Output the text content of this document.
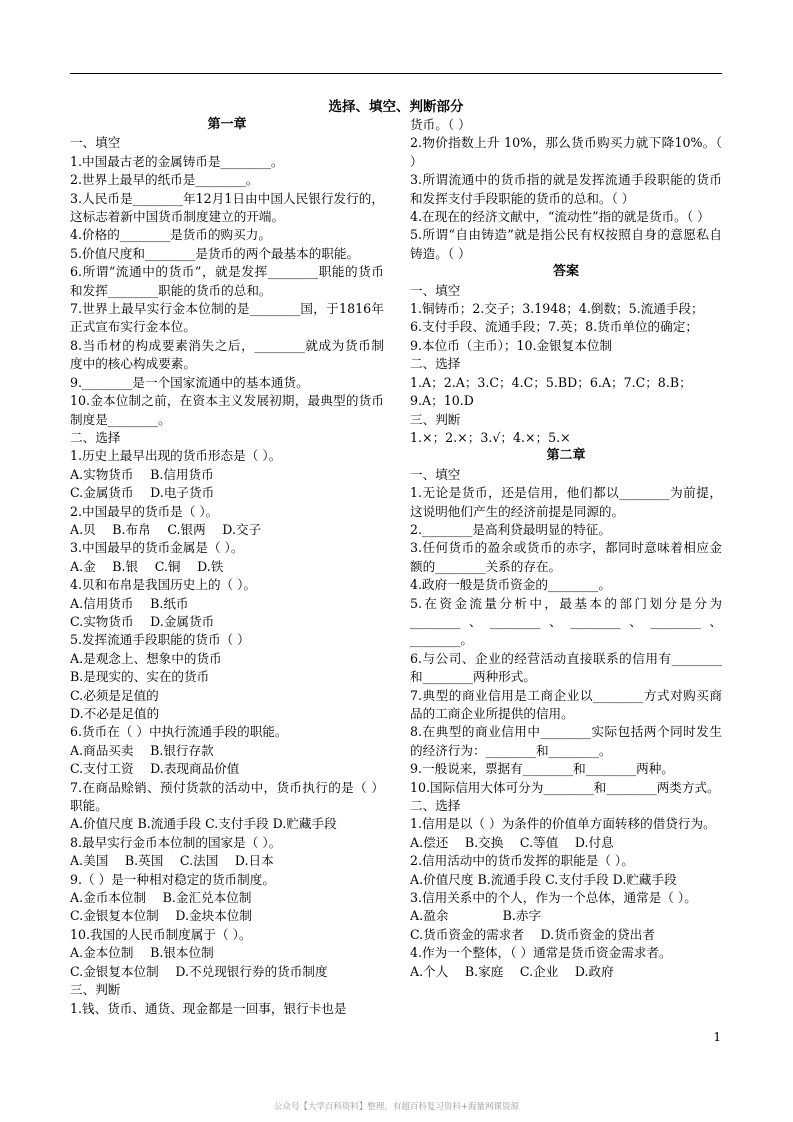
选择、填空、判断部分

第一章

一、填空

1.中国最古老的金属铸币是________。

2.世界上最早的纸币是________。

3.人民币是________年12月1日由中国人民银行发行的，这标志着新中国货币制度建立的开端。

4.价格的________是货币的购买力。

5.价值尺度和________是货币的两个最基本的职能。

6.所谓“流通中的货币”，就是发挥________职能的货币和发挥________职能的货币的总和。

7.世界上最早实行金本位制的是________国，于1816年正式宣布实行金本位。

8.当币材的构成要素消失之后，________就成为货币制度中的核心构成要素。

9.________是一个国家流通中的基本通货。

10.金本位制之前，在资本主义发展初期，最典型的货币制度是________。

二、选择

1.历史上最早出现的货币形态是（ ）。

A.实物货币　 B.信用货币

C.金属货币　 D.电子货币

2.中国最早的货币是（ ）。

A.贝　 B.布帛　 C.银两　 D.交子

3.中国最早的货币金属是（ ）。

A.金　 B.银　 C.铜　 D.铁

4.贝和布帛是我国历史上的（ ）。

A.信用货币　 B.纸币

C.实物货币　 D.金属货币

5.发挥流通手段职能的货币（ ）

A.是观念上、想象中的货币

B.是现实的、实在的货币

C.必须是足值的

D.不必是足值的

6.货币在（ ）中执行流通手段的职能。

A.商品买卖　 B.银行存款

C.支付工资　 D.表现商品价值

7.在商品赊销、预付货款的活动中，货币执行的是（ ）职能。

A.价值尺度 B.流通手段 C.支付手段 D.贮藏手段

8.最早实行金币本位制的国家是（ ）。

A.美国　 B.英国　 C.法国　 D.日本

9.（ ）是一种相对稳定的货币制度。

A.金币本位制　 B.金汇兑本位制

C.金银复本位制　 D.金块本位制

10.我国的人民币制度属于（ ）。

A.金本位制　 B.银本位制

C.金银复本位制　 D.不兑现银行券的货币制度

三、判断

1.钱、货币、通货、现金都是一回事，银行卡也是

货币。（ ）

2.物价指数上升 10%，那么货币购买力就下降10%。（ ）

3.所谓流通中的货币指的就是发挥流通手段职能的货币和发挥支付手段职能的货币的总和。（ ）

4.在现在的经济文献中，“流动性”指的就是货币。（ ）

5.所谓“自由铸造”就是指公民有权按照自身的意愿私自铸造。（ ）

答案

一、填空

1.铜铸币；2.交子；3.1948；4.倒数；5.流通手段；

6.支付手段、流通手段；7.英；8.货币单位的确定；

9.本位币（主币）；10.金银复本位制

二、选择

1.A；2.A；3.C；4.C；5.BD；6.A；7.C；8.B；9.A；10.D

三、判断

1.×；2.×；3.√；4.×；5.×

第二章

一、填空

1.无论是货币，还是信用，他们都以________为前提，这说明他们产生的经济前提是同源的。

2.________是高利贷最明显的特征。

3.任何货币的盈余或货币的赤字，都同时意味着相应金额的________关系的存在。

4.政府一般是货币资金的________。

5.在资金流量分析中，最基本的部门划分是分为________、________、________、________、________。

6.与公司、企业的经营活动直接联系的信用有________和________两种形式。

7.典型的商业信用是工商企业以________方式对购买商品的工商企业所提供的信用。

8.在典型的商业信用中________实际包括两个同时发生的经济行为：________和________。

9.一般说来，票据有________和________两种。

10.国际信用大体可分为________和________两类方式。

二、选择

1.信用是以（ ）为条件的价值单方面转移的借贷行为。

A.偿还　 B.交换　 C.等值　 D.付息

2.信用活动中的货币发挥的职能是（ ）。

A.价值尺度 B.流通手段 C.支付手段 D.贮藏手段

3.信用关系中的个人，作为一个总体，通常是（ ）。

A.盈余　　　　 B.赤字

C.货币资金的需求者　 D.货币资金的贷出者

4.作为一个整体，（ ）通常是货币资金需求者。

A.个人　 B.家庭　 C.企业　 D.政府

1
公众号【大学百科资料】整理，有超百科复习资料+海量网课资源
